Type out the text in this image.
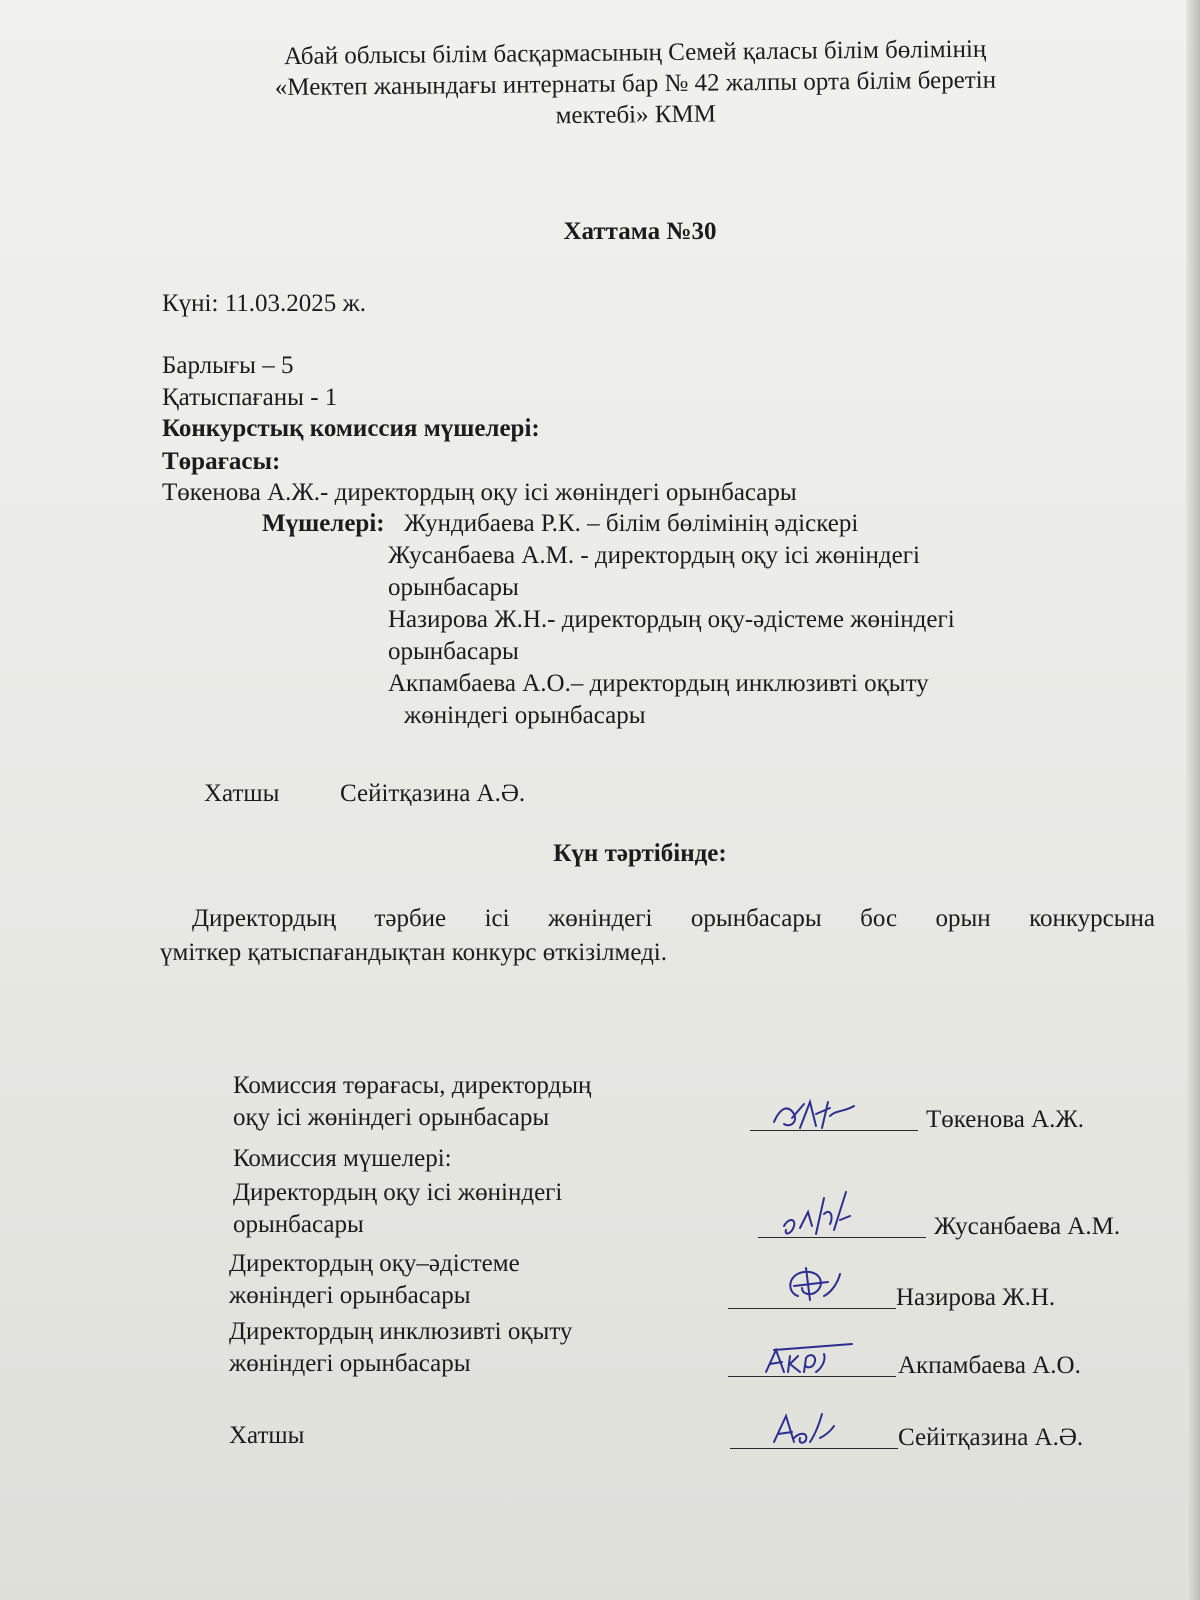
Абай облысы білім басқармасының Семей қаласы білім бөлімінің
«Мектеп жанындағы интернаты бар № 42 жалпы орта білім беретін
мектебі» КММ
Хаттама №30
Күні: 11.03.2025 ж.
Барлығы – 5
Қатыспағаны - 1
Конкурстық комиссия мүшелері:
Төрағасы:
Төкенова А.Ж.- директордың оқу ісі жөніндегі орынбасары
Мүшелері: Жундибаева Р.К. – білім бөлімінің әдіскері
Жусанбаева А.М. - директордың оқу ісі жөніндегі
орынбасары
Назирова Ж.Н.- директордың оқу-әдістеме жөніндегі
орынбасары
Акпамбаева А.О.– директордың инклюзивті оқыту
жөніндегі орынбасары
Хатшы Сейітқазина А.Ә.
Күн тәртібінде:
Директордың тәрбие ісі жөніндегі орынбасары бос орын конкурсына
үміткер қатыспағандықтан конкурс өткізілмеді.
Комиссия төрағасы, директордың
оқу ісі жөніндегі орынбасары	Төкенова А.Ж.
Комиссия мүшелері:
Директордың оқу ісі жөніндегі
орынбасары	Жусанбаева А.М.
Директордың оқу–әдістеме
жөніндегі орынбасары	Назирова Ж.Н.
Директордың инклюзивті оқыту
жөніндегі орынбасары	Акпамбаева А.О.
Хатшы	Сейітқазина А.Ә.
